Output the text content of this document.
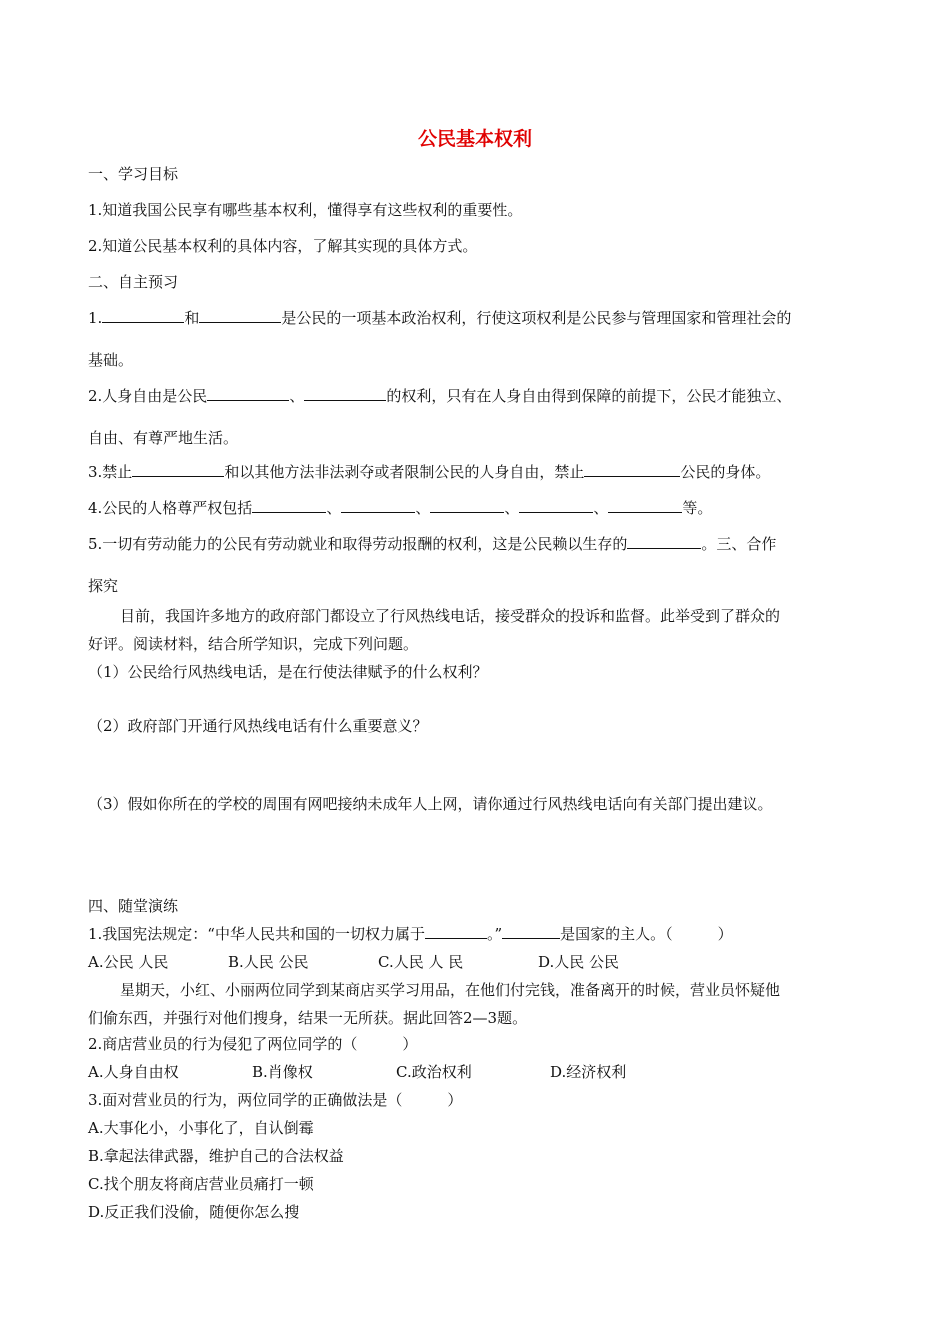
公民基本权利
一、学习目标
1.知道我国公民享有哪些基本权利，懂得享有这些权利的重要性。
2.知道公民基本权利的具体内容，了解其实现的具体方式。
二、自主预习
1.	和	是公民的一项基本政治权利，行使这项权利是公民参与管理国家和管理社会的
基础。
2.人身自由是公民	、	的权利，只有在人身自由得到保障的前提下，公民才能独立、
自由、有尊严地生活。
3.禁止	和以其他方法非法剥夺或者限制公民的人身自由，禁止	公民的身体。
4.公民的人格尊严权包括	、	、	、	、	等。
5.一切有劳动能力的公民有劳动就业和取得劳动报酬的权利，这是公民赖以生存的	。三、合作
探究
目前，我国许多地方的政府部门都设立了行风热线电话，接受群众的投诉和监督。此举受到了群众的
好评。阅读材料，结合所学知识，完成下列问题。
（1）公民给行风热线电话，是在行使法律赋予的什么权利？
（2）政府部门开通行风热线电话有什么重要意义？
（3）假如你所在的学校的周围有网吧接纳未成年人上网，请你通过行风热线电话向有关部门提出建议。
四、随堂演练
1.我国宪法规定：“中华人民共和国的一切权力属于	。”	是国家的主人。（　　　）
A.公民 人民	B.人民 公民	C.人民 人 民	D.人民 公民
星期天，小红、小丽两位同学到某商店买学习用品，在他们付完钱，准备离开的时候，营业员怀疑他
们偷东西，并强行对他们搜身，结果一无所获。据此回答2—3题。
2.商店营业员的行为侵犯了两位同学的（　　　）
A.人身自由权	B.肖像权	C.政治权利	D.经济权利
3.面对营业员的行为，两位同学的正确做法是（　　　）
A.大事化小，小事化了，自认倒霉
B.拿起法律武器，维护自己的合法权益
C.找个朋友将商店营业员痛打一顿
D.反正我们没偷，随便你怎么搜
